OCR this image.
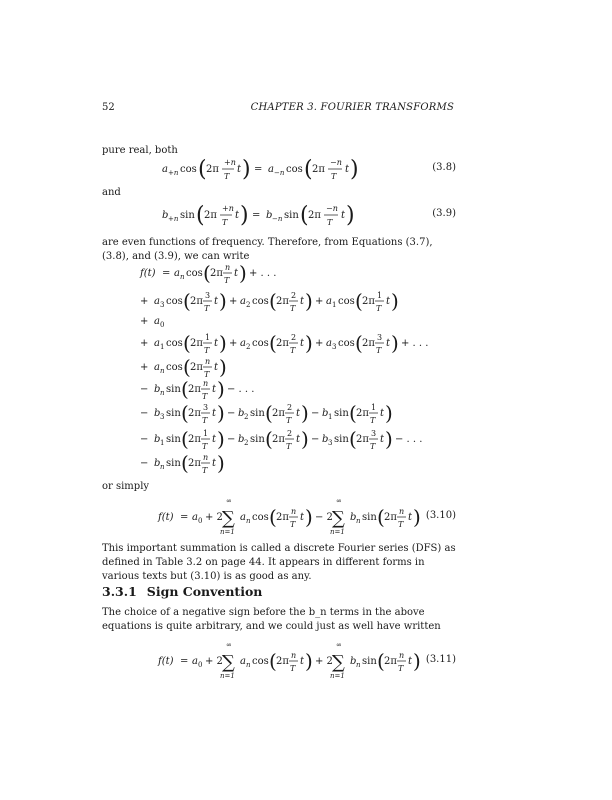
52	CHAPTER 3. FOURIER TRANSFORMS
pure real, both
a +n cos ( 2π
+n
T
t ) = a −n cos ( 2π
−n
T
t )	(3.8)
and
b +n sin ( 2π
+n
T
t ) = b −n sin ( 2π
−n
T
t )	(3.9)
are even functions of frequency. Therefore, from Equations (3.7), (3.8), and (3.9), we can write
f(t) = a n cos ( 2π
n
T
t ) + . . .
+ a 3 cos ( 2π
3
T
t ) + a 2 cos ( 2π
2
T
t ) + a 1 cos ( 2π
1
T
t )
+ a 0
+ a 1 cos ( 2π
1
T
t ) + a 2 cos ( 2π
2
T
t ) + a 3 cos ( 2π
3
T
t ) + . . .
+ a n cos ( 2π
n
T
t )
− b n sin ( 2π
n
T
t ) − . . .
− b 3 sin ( 2π
3
T
t ) − b 2 sin ( 2π
2
T
t ) − b 1 sin ( 2π
1
T
t )
− b 1 sin ( 2π
1
T
t ) − b 2 sin ( 2π
2
T
t ) − b 3 sin ( 2π
3
T
t ) − . . .
− b n sin ( 2π
n
T
t )
or simply
f(t) = a 0 + 2
∞
∑
n=1
a n cos ( 2π
n
T
t ) − 2
∞
∑
n=1
b n sin ( 2π
n
T
t ) (3.10)
This important summation is called a discrete Fourier series (DFS) as defined in Table 3.2 on page 44. It appears in different forms in various texts but (3.10) is as good as any.
3.3.1 Sign Convention
The choice of a negative sign before the b_n terms in the above equations is quite arbitrary, and we could just as well have written
f(t) = a 0 + 2
∞
∑
n=1
a n cos ( 2π
n
T
t ) + 2
∞
∑
n=1
b n sin ( 2π
n
T
t ) (3.11)
